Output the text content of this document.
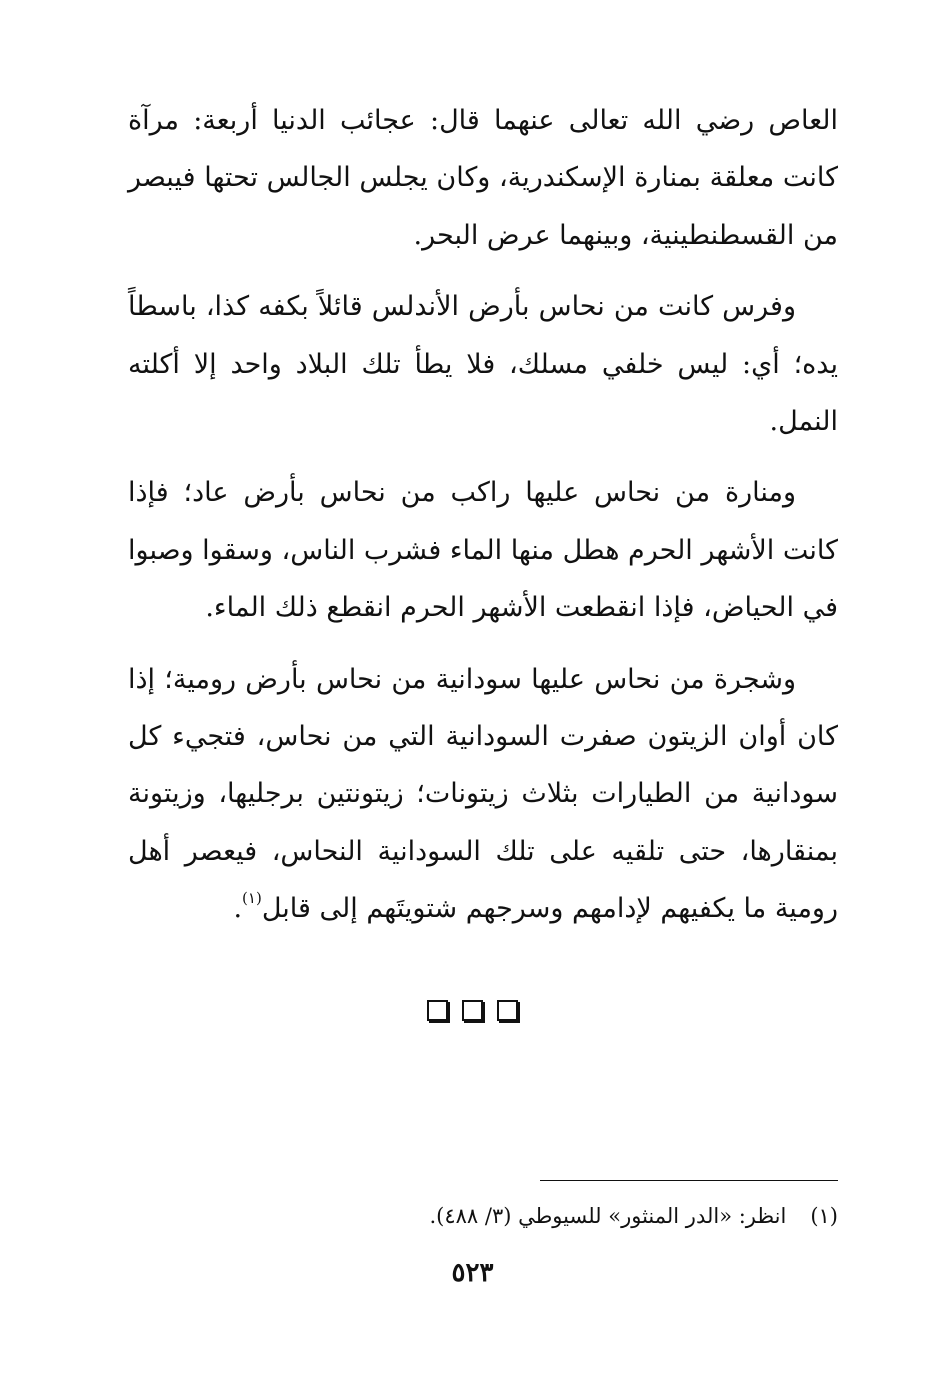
العاص رضي الله تعالى عنهما قال: عجائب الدنيا أربعة: مرآة كانت معلقة بمنارة الإسكندرية، وكان يجلس الجالس تحتها فيبصر من القسطنطينية، وبينهما عرض البحر.

وفرس كانت من نحاس بأرض الأندلس قائلاً بكفه كذا، باسطاً يده؛ أي: ليس خلفي مسلك، فلا يطأ تلك البلاد واحد إلا أكلته النمل.

ومنارة من نحاس عليها راكب من نحاس بأرض عاد؛ فإذا كانت الأشهر الحرم هطل منها الماء فشرب الناس، وسقوا وصبوا في الحياض، فإذا انقطعت الأشهر الحرم انقطع ذلك الماء.

وشجرة من نحاس عليها سودانية من نحاس بأرض رومية؛ إذا كان أوان الزيتون صفرت السودانية التي من نحاس، فتجيء كل سودانية من الطيارات بثلاث زيتونات؛ زيتونتين برجليها، وزيتونة بمنقارها، حتى تلقيه على تلك السودانية النحاس، فيعصر أهل رومية ما يكفيهم لإدامهم وسرجهم شتويتَهم إلى قابل$^{(١)}$.

(١)انظر: «الدر المنثور» للسيوطي (٣/ ٤٨٨).
٥٢٣
